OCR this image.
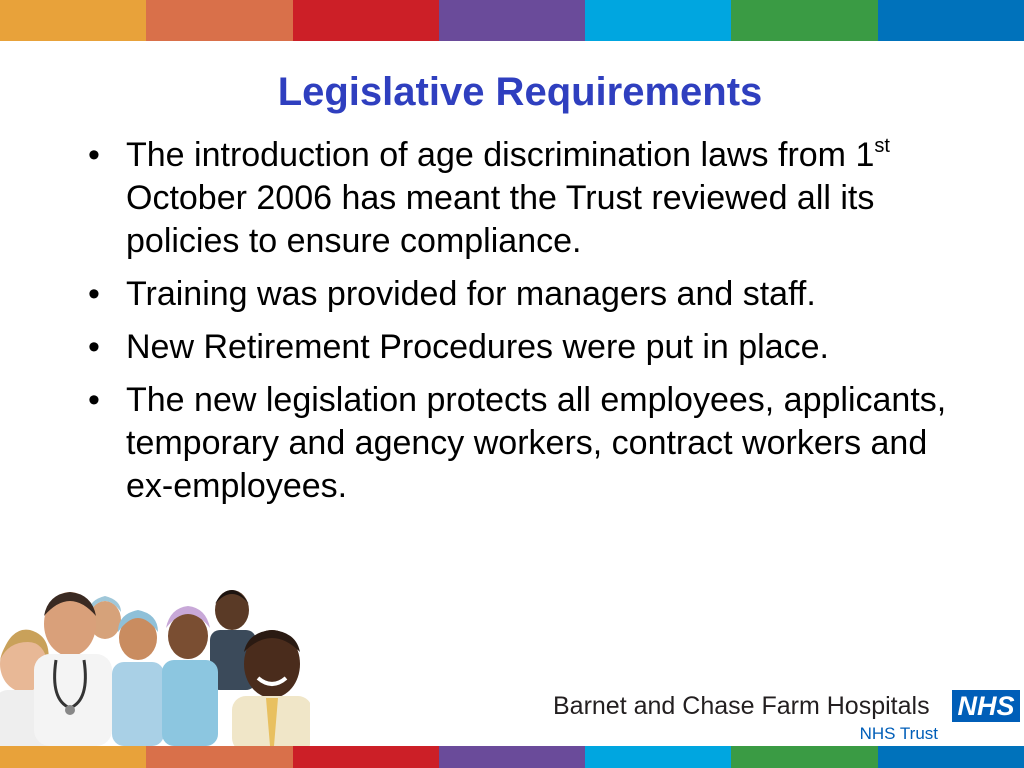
Legislative Requirements
• The introduction of age discrimination laws from 1st October 2006 has meant the Trust reviewed all its policies to ensure compliance.
• Training was provided for managers and staff.
• New Retirement Procedures were put in place.
• The new legislation protects all employees, applicants, temporary and agency workers, contract workers and ex-employees.
Barnet and Chase Farm Hospitals NHS
NHS Trust
